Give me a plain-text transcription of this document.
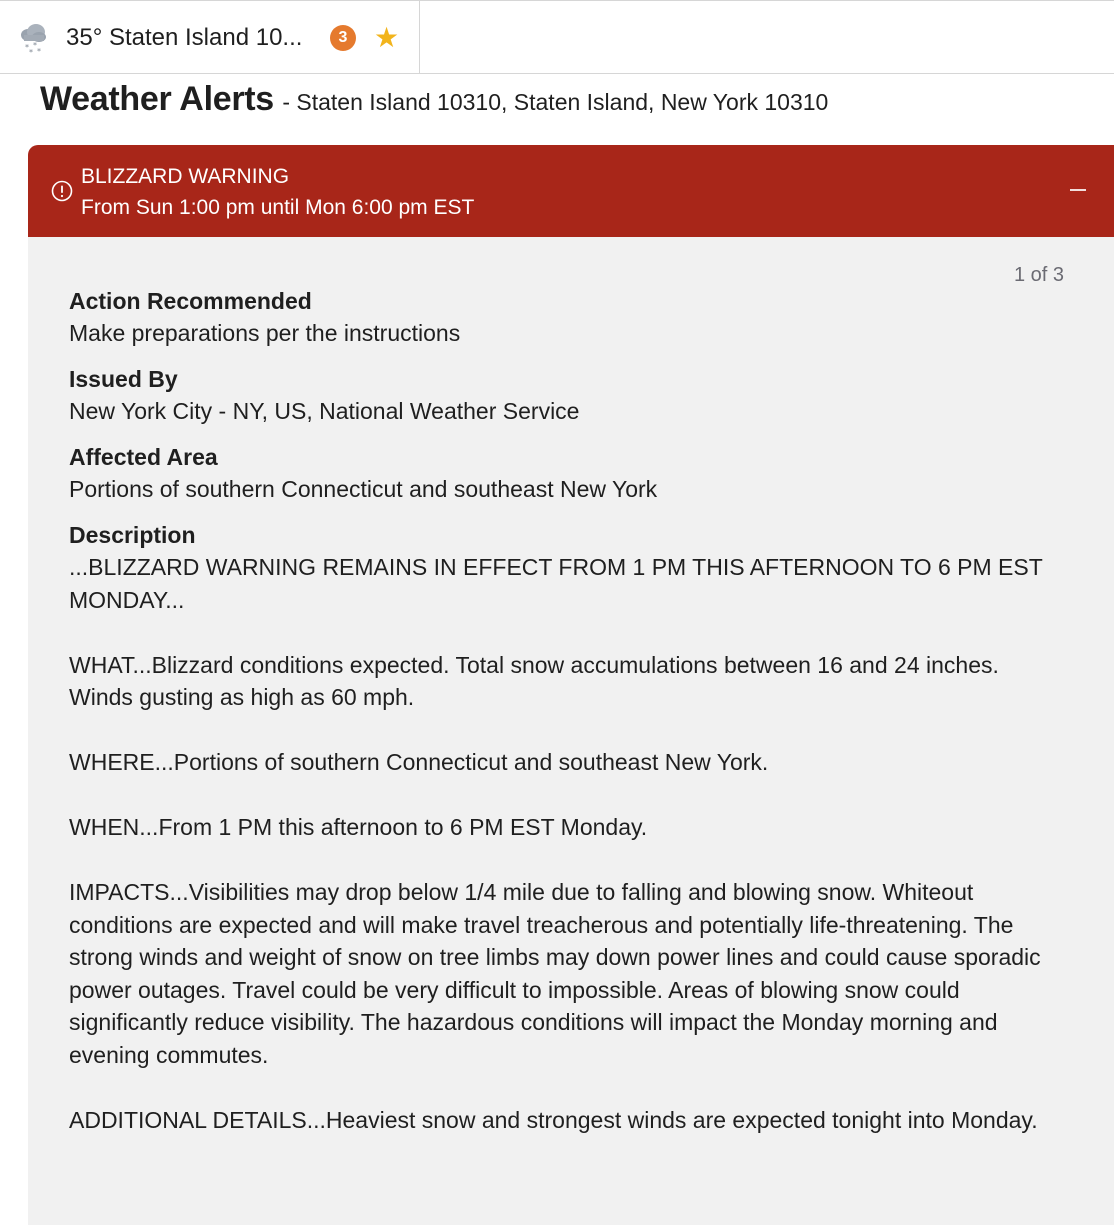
* *
* *
35° Staten Island 10...	3 ★
Weather Alerts - Staten Island 10310, Staten Island, New York 10310
BLIZZARD WARNING
From Sun 1:00 pm until Mon 6:00 pm EST
1 of 3
Action Recommended
Make preparations per the instructions
Issued By
New York City - NY, US, National Weather Service
Affected Area
Portions of southern Connecticut and southeast New York
Description

...BLIZZARD WARNING REMAINS IN EFFECT FROM 1 PM THIS AFTERNOON TO 6 PM EST MONDAY...

WHAT...Blizzard conditions expected. Total snow accumulations between 16 and 24 inches. Winds gusting as high as 60 mph.

WHERE...Portions of southern Connecticut and southeast New York.

WHEN...From 1 PM this afternoon to 6 PM EST Monday.

IMPACTS...Visibilities may drop below 1/4 mile due to falling and blowing snow. Whiteout conditions are expected and will make travel treacherous and potentially life-threatening. The strong winds and weight of snow on tree limbs may down power lines and could cause sporadic power outages. Travel could be very difficult to impossible. Areas of blowing snow could significantly reduce visibility. The hazardous conditions will impact the Monday morning and evening commutes.

ADDITIONAL DETAILS...Heaviest snow and strongest winds are expected tonight into Monday.
